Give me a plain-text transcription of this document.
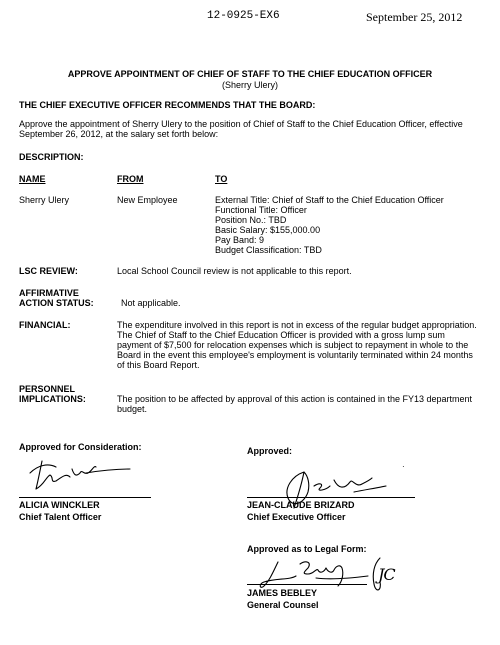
12-0925-EX6	September 25, 2012
APPROVE APPOINTMENT OF CHIEF OF STAFF TO THE CHIEF EDUCATION OFFICER
(Sherry Ulery)
THE CHIEF EXECUTIVE OFFICER RECOMMENDS THAT THE BOARD:
Approve the appointment of Sherry Ulery to the position of Chief of Staff to the Chief Education Officer, effective
September 26, 2012, at the salary set forth below:
DESCRIPTION:
NAME	FROM	TO
Sherry Ulery	New Employee	External Title: Chief of Staff to the Chief Education Officer
Functional Title: Officer
Position No.: TBD
Basic Salary: $155,000.00
Pay Band: 9
Budget Classification: TBD
LSC REVIEW:	Local School Council review is not applicable to this report.
AFFIRMATIVE
ACTION STATUS:	Not applicable.
FINANCIAL:	The expenditure involved in this report is not in excess of the regular budget appropriation.
The Chief of Staff to the Chief Education Officer is provided with a gross lump sum
payment of $7,500 for relocation expenses which is subject to repayment in whole to the
Board in the event this employee's employment is voluntarily terminated within 24 months
of this Board Report.
PERSONNEL
IMPLICATIONS:	The position to be affected by approval of this action is contained in the FY13 department
budget.
Approved for Consideration:
ALICIA WINCKLER
Chief Talent Officer
Approved:
·
JEAN-CLAUDE BRIZARD
Chief Executive Officer
Approved as to Legal Form:
JC
JAMES BEBLEY
General Counsel
